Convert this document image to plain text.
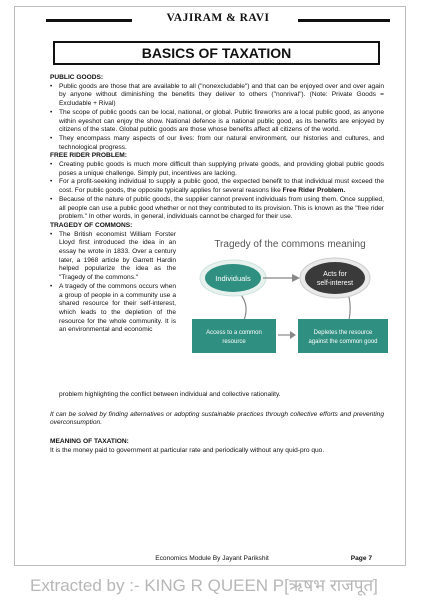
VAJIRAM & RAVI
BASICS OF TAXATION
PUBLIC GOODS:
• Public goods are those that are available to all ("nonexcludable") and that can be enjoyed over and over again by anyone without diminishing the benefits they deliver to others ("nonrival"). (Note: Private Goods = Excludable + Rival)
• The scope of public goods can be local, national, or global. Public fireworks are a local public good, as anyone within eyeshot can enjoy the show. National defence is a national public good, as its benefits are enjoyed by citizens of the state. Global public goods are those whose benefits affect all citizens of the world.
• They encompass many aspects of our lives: from our natural environment, our histories and cultures, and technological progress.
FREE RIDER PROBLEM:
• Creating public goods is much more difficult than supplying private goods, and providing global public goods poses a unique challenge. Simply put, incentives are lacking.
• For a profit-seeking individual to supply a public good, the expected benefit to that individual must exceed the cost. For public goods, the opposite typically applies for several reasons like Free Rider Problem.
• Because of the nature of public goods, the supplier cannot prevent individuals from using them. Once supplied, all people can use a public good whether or not they contributed to its provision. This is known as the "free rider problem." In other words, in general, individuals cannot be charged for their use.
TRAGEDY OF COMMONS:
• The British economist William Forster Lloyd first introduced the idea in an essay he wrote in 1833. Over a century later, a 1968 article by Garrett Hardin helped popularize the idea as the "Tragedy of the commons."
• A tragedy of the commons occurs when a group of people in a community use a shared resource for their self-interest, which leads to the depletion of the resource for the whole community. It is an environmental and economic
Tragedy of the commons meaning
Individuals	Acts for
self-interest
Access to a common
resource
Depletes the resource
against the common good
problem highlighting the conflict between individual and collective rationality.
It can be solved by finding alternatives or adopting sustainable practices through collective efforts and preventing overconsumption.
MEANING OF TAXATION:
It is the money paid to government at particular rate and periodically without any quid-pro quo.
Economics Module By Jayant Parikshit	Page 7
Extracted by :- KING R QUEEN P[ऋषभ राजपूत]
